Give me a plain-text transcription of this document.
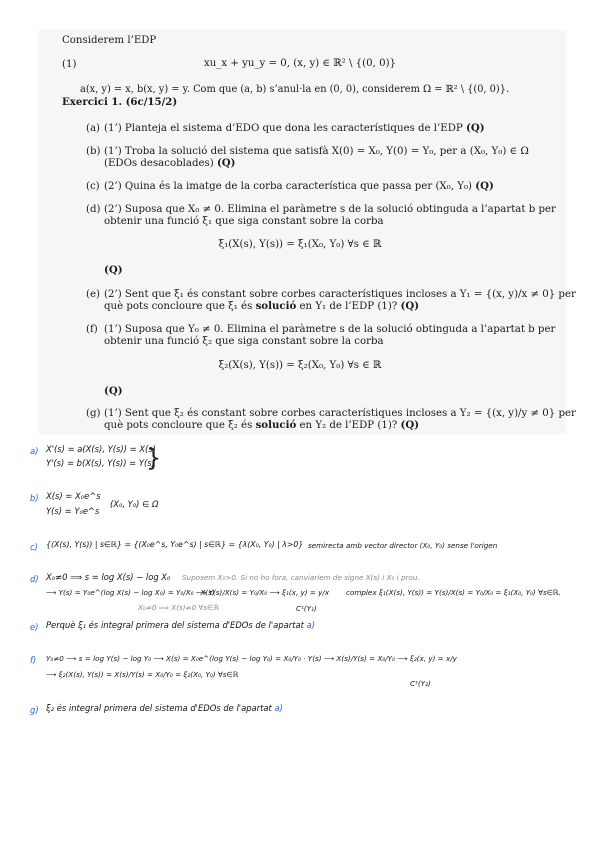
Considerem l’EDP
(1)	xu_x + yu_y = 0, (x, y) ∈ ℝ² \ {(0, 0)}
a(x, y) = x, b(x, y) = y. Com que (a, b) s’anul·la en (0, 0), considerem Ω = ℝ² \ {(0, 0)}.
Exercici 1. (6c/15/2)
(a) (1’) Planteja el sistema d’EDO que dona les característiques de l’EDP (Q)
(b) (1’) Troba la solució del sistema que satisfà X(0) = X₀, Y(0) = Y₀, per a (X₀, Y₀) ∈ Ω
(EDOs desacoblades) (Q)
(c) (2’) Quina és la imatge de la corba característica que passa per (X₀, Y₀) (Q)
(d) (2’) Suposa que X₀ ≠ 0. Elimina el paràmetre s de la solució obtinguda a l’apartat b per
obtenir una funció ξ₁ que siga constant sobre la corba
ξ₁(X(s), Y(s)) = ξ₁(X₀, Y₀) ∀s ∈ ℝ
(Q)
(e) (2’) Sent que ξ₁ és constant sobre corbes característiques incloses a Υ₁ = {(x, y)/x ≠ 0} per
què pots concloure que ξ₁ és solució en Υ₁ de l’EDP (1)? (Q)
(f) (1’) Suposa que Y₀ ≠ 0. Elimina el paràmetre s de la solució obtinguda a l’apartat b per
obtenir una funció ξ₂ que siga constant sobre la corba
ξ₂(X(s), Y(s)) = ξ₂(X₀, Y₀) ∀s ∈ ℝ
(Q)
(g) (1’) Sent que ξ₂ és constant sobre corbes característiques incloses a Υ₂ = {(x, y)/y ≠ 0} per
què pots concloure que ξ₂ és solució en Υ₂ de l’EDP (1)? (Q)
a) X'(s) = a(X(s), Y(s)) = X(s)
Y'(s) = b(X(s), Y(s)) = Y(s)
}
b) X(s) = X₀e^s
Y(s) = Y₀e^s
(X₀, Y₀) ∈ Ω
c) {(X(s), Y(s)) | s∈ℝ} = {(X₀e^s, Y₀e^s) | s∈ℝ} = {λ(X₀, Y₀) | λ>0} semirecta amb vector director (X₀, Y₀) sense l'origen
d) X₀≠0 ⟹ s = log X(s) − log X₀ Suposem X₀>0. Si no ho fora, canviaríem de signe X(s) i X₀ i prou.
⟶ Y(s) = Y₀e^(log X(s) − log X₀) = Y₀/X₀ · X(s)
⟶ Y(s)/X(s) = Y₀/X₀ ⟶ ξ₁(x, y) = y/x complex ξ₁(X(s), Y(s)) = Y(s)/X(s) = Y₀/X₀ = ξ₁(X₀, Y₀) ∀s∈ℝ.
X₀≠0 ⟹ X(s)≠0 ∀s∈ℝ	C¹(Υ₁)
e) Perquè ξ₁ és integral primera del sistema d'EDOs de l'apartat a)
f) Y₀≠0 ⟶ s = log Y(s) − log Y₀ ⟶ X(s) = X₀e^(log Y(s) − log Y₀) = X₀/Y₀ · Y(s) ⟶ X(s)/Y(s) = X₀/Y₀ ⟶ ξ₂(x, y) = x/y
⟶ ξ₂(X(s), Y(s)) = X(s)/Y(s) = X₀/Y₀ = ξ₂(X₀, Y₀) ∀s∈ℝ
C¹(Υ₂)
g) ξ₂ és integral primera del sistema d'EDOs de l'apartat a)
